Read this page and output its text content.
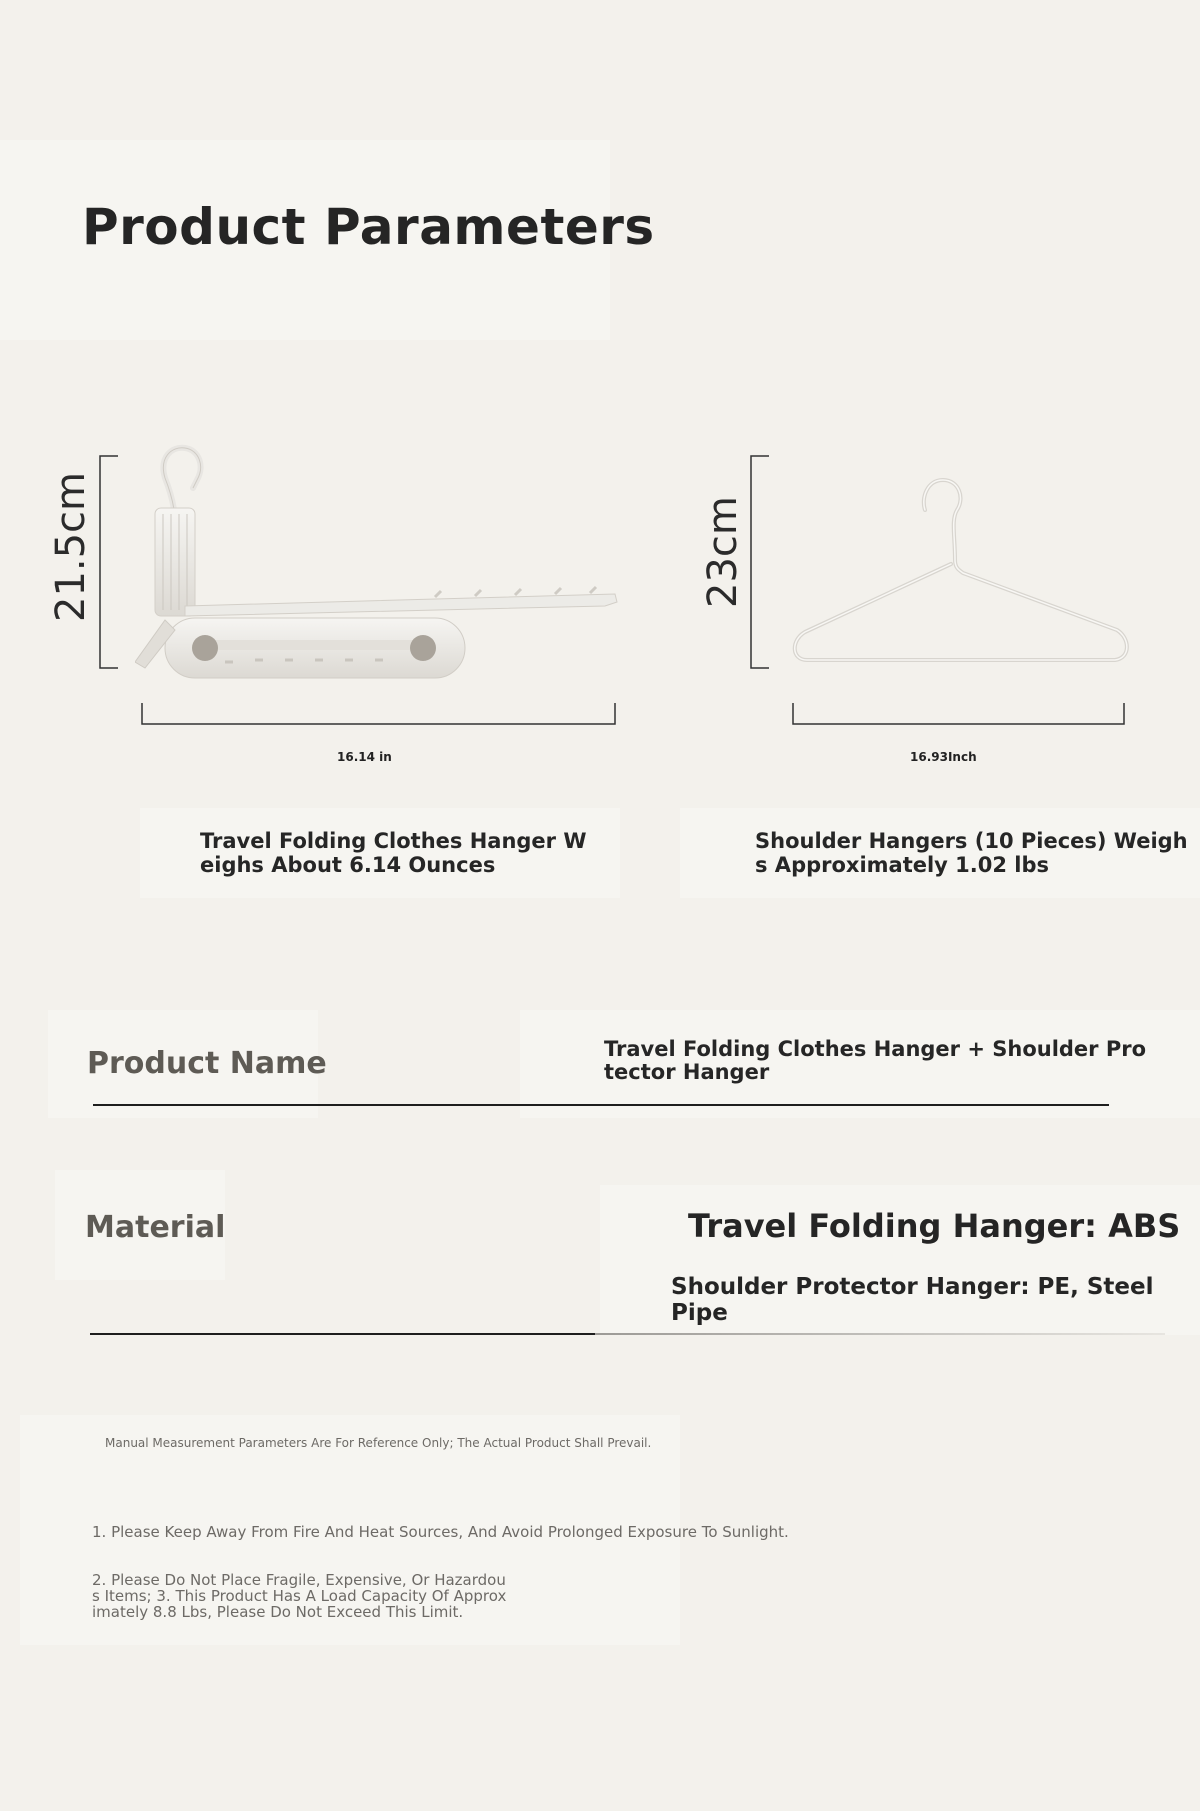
Product Parameters
21.5cm
16.14 in
Travel Folding Clothes Hanger W
eighs About 6.14 Ounces
23cm
16.93Inch
Shoulder Hangers (10 Pieces) Weigh
s Approximately 1.02 lbs
Product Name	Travel Folding Clothes Hanger + Shoulder Pro
tector Hanger
Material	Travel Folding Hanger: ABS
Shoulder Protector Hanger: PE, Steel Pipe
Manual Measurement Parameters Are For Reference Only; The Actual Product Shall Prevail.
1. Please Keep Away From Fire And Heat Sources, And Avoid Prolonged Exposure To Sunlight.
2. Please Do Not Place Fragile, Expensive, Or Hazardou
s Items; 3. This Product Has A Load Capacity Of Approx
imately 8.8 Lbs, Please Do Not Exceed This Limit.
